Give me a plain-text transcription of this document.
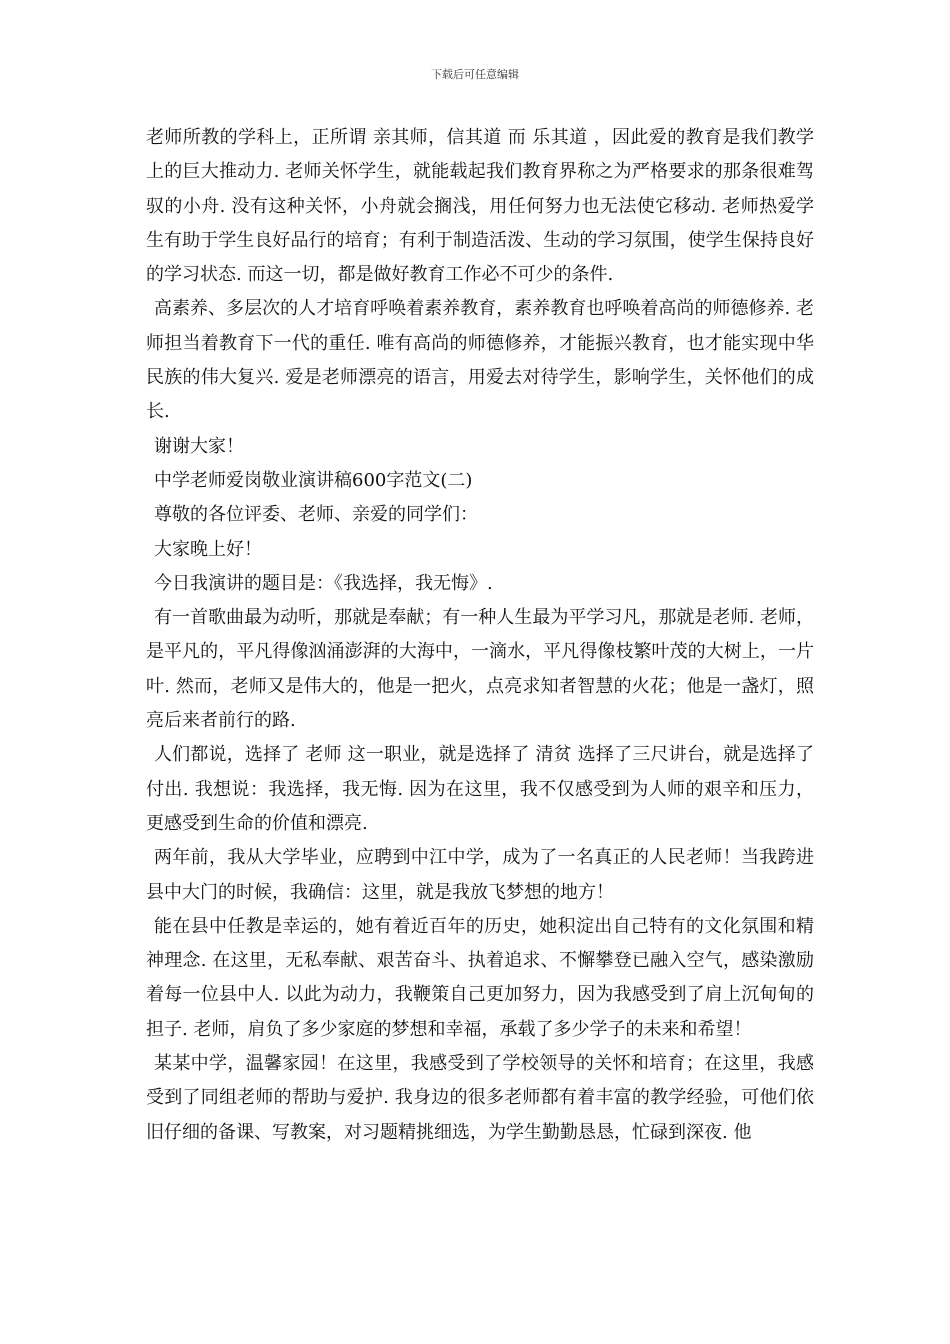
下载后可任意编辑

老师所教的学科上，正所谓 亲其师，信其道 而 乐其道 ，因此爱的教育是我们教学上的巨大推动力. 老师关怀学生，就能载起我们教育界称之为严格要求的那条很难驾驭的小舟. 没有这种关怀，小舟就会搁浅，用任何努力也无法使它移动. 老师热爱学生有助于学生良好品行的培育；有利于制造活泼、生动的学习氛围，使学生保持良好的学习状态. 而这一切，都是做好教育工作必不可少的条件.

高素养、多层次的人才培育呼唤着素养教育，素养教育也呼唤着高尚的师德修养. 老师担当着教育下一代的重任. 唯有高尚的师德修养，才能振兴教育，也才能实现中华民族的伟大复兴. 爱是老师漂亮的语言，用爱去对待学生，影响学生，关怀他们的成长.

谢谢大家！

中学老师爱岗敬业演讲稿600字范文(二)

尊敬的各位评委、老师、亲爱的同学们：

大家晚上好！

今日我演讲的题目是：《我选择，我无悔》.

有一首歌曲最为动听，那就是奉献；有一种人生最为平学习凡，那就是老师. 老师，是平凡的，平凡得像汹涌澎湃的大海中，一滴水，平凡得像枝繁叶茂的大树上，一片叶. 然而，老师又是伟大的，他是一把火，点亮求知者智慧的火花；他是一盏灯，照亮后来者前行的路.

人们都说，选择了 老师 这一职业，就是选择了 清贫 选择了三尺讲台，就是选择了付出. 我想说：我选择，我无悔. 因为在这里，我不仅感受到为人师的艰辛和压力，更感受到生命的价值和漂亮.

两年前，我从大学毕业，应聘到中江中学，成为了一名真正的人民老师！当我跨进县中大门的时候，我确信：这里，就是我放飞梦想的地方！

能在县中任教是幸运的，她有着近百年的历史，她积淀出自己特有的文化氛围和精神理念. 在这里，无私奉献、艰苦奋斗、执着追求、不懈攀登已融入空气，感染激励着每一位县中人. 以此为动力，我鞭策自己更加努力，因为我感受到了肩上沉甸甸的担子. 老师，肩负了多少家庭的梦想和幸福，承载了多少学子的未来和希望！

某某中学，温馨家园！在这里，我感受到了学校领导的关怀和培育；在这里，我感受到了同组老师的帮助与爱护. 我身边的很多老师都有着丰富的教学经验，可他们依旧仔细的备课、写教案，对习题精挑细选，为学生勤勤恳恳，忙碌到深夜. 他
